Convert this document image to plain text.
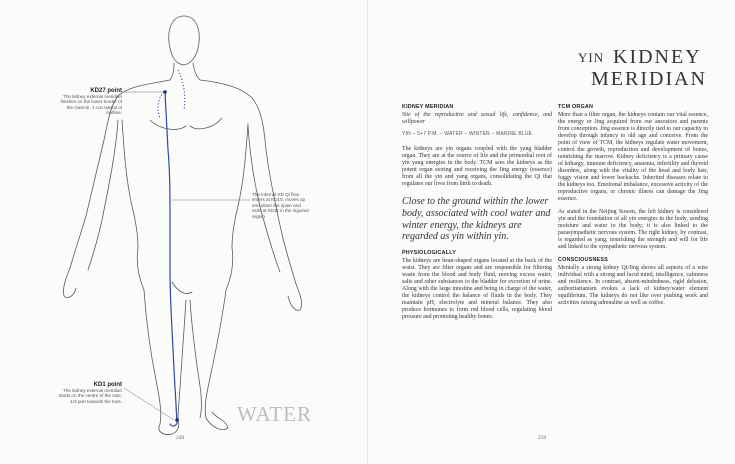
KD27 point
The kidney external meridian finishes on the lower border of the clavicle, 1 cun lateral of midline.
The internal KD Qi flow enters at KD10, moves up and down the spine and exits at KD11 in the inguinal region.
KD1 point
The kidney external meridian starts on the centre of the sole, 1/3 part towards the toes.
WATER
249
YIN KIDNEY
MERIDIAN
KIDNEY MERIDIAN
Site of the reproductive and sexual life, confidence, and willpower
YIN – 5+7 P.M. – WATER – WINTER – MARINE BLUE

The kidneys are yin organs coupled with the yang bladder organ. They are at the source of life and the primordial root of yin yang energies in the body. TCM sees the kidneys as the potent organ storing and receiving the Jing energy (essence) from all the yin and yang organs, consolidating the Qi that regulates our lives from birth to death.

Close to the ground within the lower body, associated with cool water and winter energy, the kidneys are regarded as yin within yin.
PHYSIOLOGICALLY

The kidneys are bean-shaped organs located at the back of the waist. They are filter organs and are responsible for filtering waste from the blood and body fluid, moving excess water, salts and other substances to the bladder for excretion of urine. Along with the large intestine and being in charge of the water, the kidneys control the balance of fluids in the body. They maintain pH, electrolyte and mineral balance. They also produce hormones to form red blood cells, regulating blood pressure and promoting healthy bones.

TCM ORGAN

More than a filter organ, the kidneys contain our vital essence, the energy or Jing acquired from our ancestors and parents from conception. Jing essence is directly tied to our capacity to develop through infancy to old age and conceive. From the point of view of TCM, the kidneys regulate water movement, control the growth, reproduction and development of bones, nourishing the marrow. Kidney deficiency is a primary cause of lethargy, immune deficiency, anaemia, infertility and thyroid disorders, along with the vitality of the head and body hair, foggy vision and lower backache. Inherited diseases relate to the kidneys too. Emotional imbalance, excessive activity of the reproductive organs, or chronic illness can damage the Jing essence.

As stated in the Neijing Suwen, the left kidney is considered yin and the foundation of all yin energies in the body, sending moisture and water to the body; it is also linked to the parasympathetic nervous system. The right kidney, by contrast, is regarded as yang, nourishing the strength and will for life and linked to the sympathetic nervous system.

CONSCIOUSNESS

Mentally a strong kidney Qi/Jing shows all aspects of a wise individual with a strong and lucid mind, intelligence, calmness and resilience. In contrast, absent-mindedness, rigid delusion, authoritarianism evokes a lack of kidney/water element equilibrium. The kidneys do not like over pushing work and activities raising adrenaline as well as coffee.

250
